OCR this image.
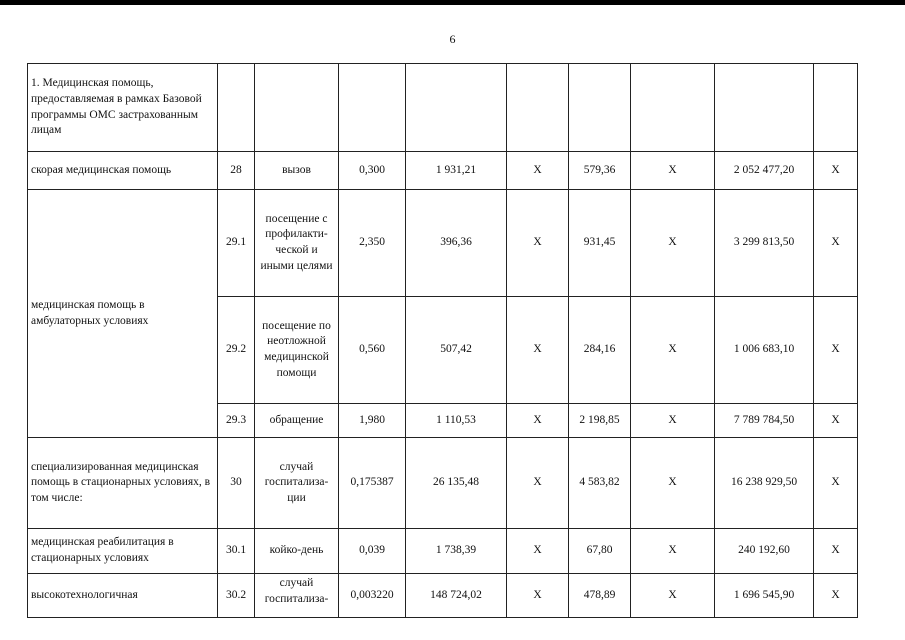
6
1. Медицинская помощь, предоставляемая в рамках Базовой программы ОМС застрахованным лицам									
скорая медицинская помощь	28	вызов	0,300	1 931,21	Х	579,36	Х	2 052 477,20	Х
медицинская помощь в амбулаторных условиях	29.1	посещение с профилакти-ческой и иными целями	2,350	396,36	Х	931,45	Х	3 299 813,50	Х
	29.2	посещение по неотложной медицинской помощи	0,560	507,42	Х	284,16	Х	1 006 683,10	Х
	29.3	обращение	1,980	1 110,53	Х	2 198,85	Х	7 789 784,50	Х
специализированная медицинская помощь в стационарных условиях, в том числе:	30	случай госпитализа-ции	0,175387	26 135,48	Х	4 583,82	Х	16 238 929,50	Х
медицинская реабилитация в стационарных условиях	30.1	койко-день	0,039	1 738,39	Х	67,80	Х	240 192,60	Х
высокотехнологичная	30.2	случай госпитализа-	0,003220	148 724,02	Х	478,89	Х	1 696 545,90	Х
